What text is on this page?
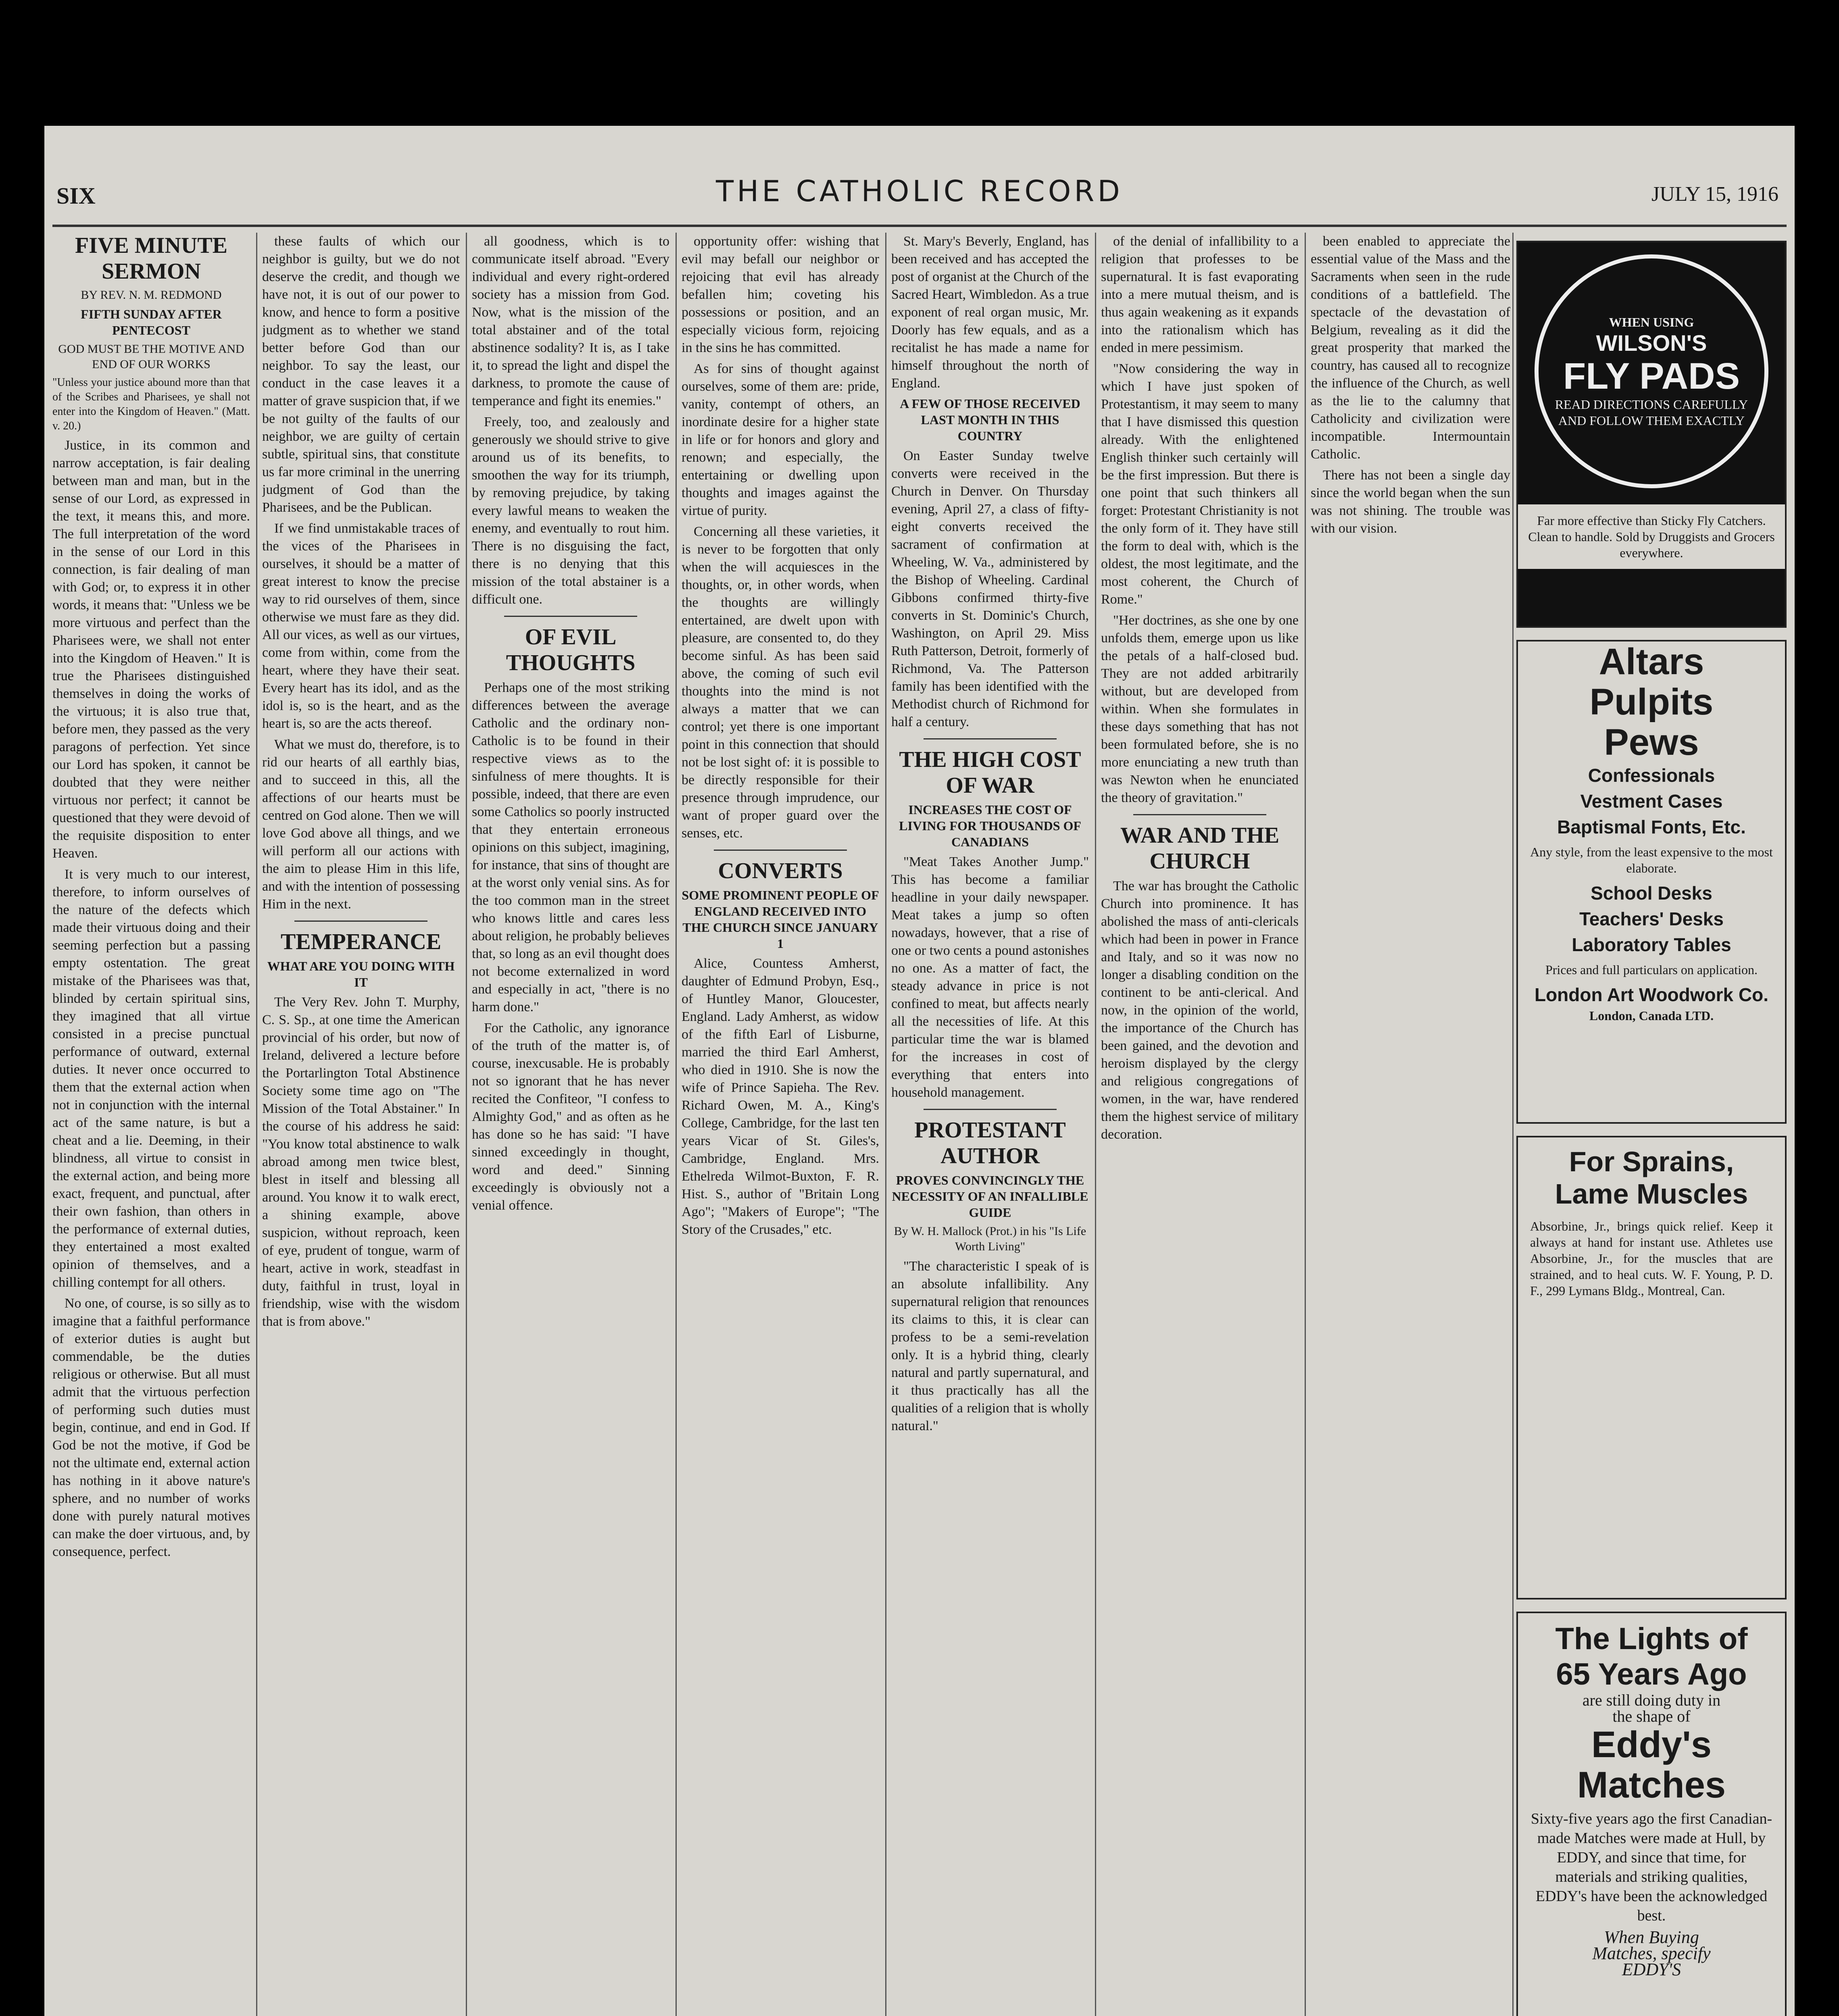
SIX	THE CATHOLIC RECORD	JULY 15, 1916

FIVE MINUTE SERMON

BY REV. N. M. REDMOND

FIFTH SUNDAY AFTER PENTECOST

GOD MUST BE THE MOTIVE AND END OF OUR WORKS

"Unless your justice abound more than that of the Scribes and Pharisees, ye shall not enter into the Kingdom of Heaven." (Matt. v. 20.)

Justice, in its common and narrow acceptation, is fair dealing between man and man, but in the sense of our Lord, as expressed in the text, it means this, and more. The full interpretation of the word in the sense of our Lord in this connection, is fair dealing of man with God; or, to express it in other words, it means that: "Unless we be more virtuous and perfect than the Pharisees were, we shall not enter into the Kingdom of Heaven." It is true the Pharisees distinguished themselves in doing the works of the virtuous; it is also true that, before men, they passed as the very paragons of perfection. Yet since our Lord has spoken, it cannot be doubted that they were neither virtuous nor perfect; it cannot be questioned that they were devoid of the requisite disposition to enter Heaven.

It is very much to our interest, therefore, to inform ourselves of the nature of the defects which made their virtuous doing and their seeming perfection but a passing empty ostentation. The great mistake of the Pharisees was that, blinded by certain spiritual sins, they imagined that all virtue consisted in a precise punctual performance of outward, external duties. It never once occurred to them that the external action when not in conjunction with the internal act of the same nature, is but a cheat and a lie. Deeming, in their blindness, all virtue to consist in the external action, and being more exact, frequent, and punctual, after their own fashion, than others in the performance of external duties, they entertained a most exalted opinion of themselves, and a chilling contempt for all others.

No one, of course, is so silly as to imagine that a faithful performance of exterior duties is aught but commendable, be the duties religious or otherwise. But all must admit that the virtuous perfection of performing such duties must begin, continue, and end in God. If God be not the motive, if God be not the ultimate end, external action has nothing in it above nature's sphere, and no number of works done with purely natural motives can make the doer virtuous, and, by consequence, perfect.

these faults of which our neighbor is guilty, but we do not deserve the credit, and though we have not, it is out of our power to know, and hence to form a positive judgment as to whether we stand better before God than our neighbor. To say the least, our conduct in the case leaves it a matter of grave suspicion that, if we be not guilty of the faults of our neighbor, we are guilty of certain subtle, spiritual sins, that constitute us far more criminal in the unerring judgment of God than the Pharisees, and be the Publican.

If we find unmistakable traces of the vices of the Pharisees in ourselves, it should be a matter of great interest to know the precise way to rid ourselves of them, since otherwise we must fare as they did. All our vices, as well as our virtues, come from within, come from the heart, where they have their seat. Every heart has its idol, and as the idol is, so is the heart, and as the heart is, so are the acts thereof.

What we must do, therefore, is to rid our hearts of all earthly bias, and to succeed in this, all the affections of our hearts must be centred on God alone. Then we will love God above all things, and we will perform all our actions with the aim to please Him in this life, and with the intention of possessing Him in the next.

TEMPERANCE

WHAT ARE YOU DOING WITH IT

The Very Rev. John T. Murphy, C. S. Sp., at one time the American provincial of his order, but now of Ireland, delivered a lecture before the Portarlington Total Abstinence Society some time ago on "The Mission of the Total Abstainer." In the course of his address he said: "You know total abstinence to walk abroad among men twice blest, blest in itself and blessing all around. You know it to walk erect, a shining example, above suspicion, without reproach, keen of eye, prudent of tongue, warm of heart, active in work, steadfast in duty, faithful in trust, loyal in friendship, wise with the wisdom that is from above."

all goodness, which is to communicate itself abroad. "Every individual and every right-ordered society has a mission from God. Now, what is the mission of the total abstainer and of the total abstinence sodality? It is, as I take it, to spread the light and dispel the darkness, to promote the cause of temperance and fight its enemies."

Freely, too, and zealously and generously we should strive to give around us of its benefits, to smoothen the way for its triumph, by removing prejudice, by taking every lawful means to weaken the enemy, and eventually to rout him. There is no disguising the fact, there is no denying that this mission of the total abstainer is a difficult one.

OF EVIL THOUGHTS

Perhaps one of the most striking differences between the average Catholic and the ordinary non-Catholic is to be found in their respective views as to the sinfulness of mere thoughts. It is possible, indeed, that there are even some Catholics so poorly instructed that they entertain erroneous opinions on this subject, imagining, for instance, that sins of thought are at the worst only venial sins. As for the too common man in the street who knows little and cares less about religion, he probably believes that, so long as an evil thought does not become externalized in word and especially in act, "there is no harm done."

For the Catholic, any ignorance of the truth of the matter is, of course, inexcusable. He is probably not so ignorant that he has never recited the Confiteor, "I confess to Almighty God," and as often as he has done so he has said: "I have sinned exceedingly in thought, word and deed." Sinning exceedingly is obviously not a venial offence.

opportunity offer: wishing that evil may befall our neighbor or rejoicing that evil has already befallen him; coveting his possessions or position, and an especially vicious form, rejoicing in the sins he has committed.

As for sins of thought against ourselves, some of them are: pride, vanity, contempt of others, an inordinate desire for a higher state in life or for honors and glory and renown; and especially, the entertaining or dwelling upon thoughts and images against the virtue of purity.

Concerning all these varieties, it is never to be forgotten that only when the will acquiesces in the thoughts, or, in other words, when the thoughts are willingly entertained, are dwelt upon with pleasure, are consented to, do they become sinful. As has been said above, the coming of such evil thoughts into the mind is not always a matter that we can control; yet there is one important point in this connection that should not be lost sight of: it is possible to be directly responsible for their presence through imprudence, our want of proper guard over the senses, etc.

CONVERTS

SOME PROMINENT PEOPLE OF ENGLAND RECEIVED INTO THE CHURCH SINCE JANUARY 1

Alice, Countess Amherst, daughter of Edmund Probyn, Esq., of Huntley Manor, Gloucester, England. Lady Amherst, as widow of the fifth Earl of Lisburne, married the third Earl Amherst, who died in 1910. She is now the wife of Prince Sapieha. The Rev. Richard Owen, M. A., King's College, Cambridge, for the last ten years Vicar of St. Giles's, Cambridge, England. Mrs. Ethelreda Wilmot-Buxton, F. R. Hist. S., author of "Britain Long Ago"; "Makers of Europe"; "The Story of the Crusades," etc.

St. Mary's Beverly, England, has been received and has accepted the post of organist at the Church of the Sacred Heart, Wimbledon. As a true exponent of real organ music, Mr. Doorly has few equals, and as a recitalist he has made a name for himself throughout the north of England.

A FEW OF THOSE RECEIVED LAST MONTH IN THIS COUNTRY

On Easter Sunday twelve converts were received in the Church in Denver. On Thursday evening, April 27, a class of fifty-eight converts received the sacrament of confirmation at Wheeling, W. Va., administered by the Bishop of Wheeling. Cardinal Gibbons confirmed thirty-five converts in St. Dominic's Church, Washington, on April 29. Miss Ruth Patterson, Detroit, formerly of Richmond, Va. The Patterson family has been identified with the Methodist church of Richmond for half a century.

THE HIGH COST OF WAR

INCREASES THE COST OF LIVING FOR THOUSANDS OF CANADIANS

"Meat Takes Another Jump." This has become a familiar headline in your daily newspaper. Meat takes a jump so often nowadays, however, that a rise of one or two cents a pound astonishes no one. As a matter of fact, the steady advance in price is not confined to meat, but affects nearly all the necessities of life. At this particular time the war is blamed for the increases in cost of everything that enters into household management.

PROTESTANT AUTHOR

PROVES CONVINCINGLY THE NECESSITY OF AN INFALLIBLE GUIDE

By W. H. Mallock (Prot.) in his "Is Life Worth Living"

"The characteristic I speak of is an absolute infallibility. Any supernatural religion that renounces its claims to this, it is clear can profess to be a semi-revelation only. It is a hybrid thing, clearly natural and partly supernatural, and it thus practically has all the qualities of a religion that is wholly natural."

of the denial of infallibility to a religion that professes to be supernatural. It is fast evaporating into a mere mutual theism, and is thus again weakening as it expands into the rationalism which has ended in mere pessimism.

"Now considering the way in which I have just spoken of Protestantism, it may seem to many that I have dismissed this question already. With the enlightened English thinker such certainly will be the first impression. But there is one point that such thinkers all forget: Protestant Christianity is not the only form of it. They have still the form to deal with, which is the oldest, the most legitimate, and the most coherent, the Church of Rome."

"Her doctrines, as she one by one unfolds them, emerge upon us like the petals of a half-closed bud. They are not added arbitrarily without, but are developed from within. When she formulates in these days something that has not been formulated before, she is no more enunciating a new truth than was Newton when he enunciated the theory of gravitation."

WAR AND THE CHURCH

The war has brought the Catholic Church into prominence. It has abolished the mass of anti-clericals which had been in power in France and Italy, and so it was now no longer a disabling condition on the continent to be anti-clerical. And now, in the opinion of the world, the importance of the Church has been gained, and the devotion and heroism displayed by the clergy and religious congregations of women, in the war, have rendered them the highest service of military decoration.

been enabled to appreciate the essential value of the Mass and the Sacraments when seen in the rude conditions of a battlefield. The spectacle of the devastation of Belgium, revealing as it did the great prosperity that marked the country, has caused all to recognize the influence of the Church, as well as the lie to the calumny that Catholicity and civilization were incompatible. Intermountain Catholic.

There has not been a single day since the world began when the sun was not shining. The trouble was with our vision.

WHEN USING
WILSON'S
FLY PADS
READ DIRECTIONS CAREFULLY AND FOLLOW THEM EXACTLY
Far more effective than Sticky Fly Catchers. Clean to handle. Sold by Druggists and Grocers everywhere.
Altars
Pulpits
Pews
Confessionals
Vestment Cases
Baptismal Fonts, Etc.
Any style, from the least expensive to the most elaborate.
School Desks
Teachers' Desks
Laboratory Tables
Prices and full particulars on application.
London Art Woodwork Co.
London, Canada LTD.
For Sprains,
Lame Muscles
Absorbine, Jr., brings quick relief. Keep it always at hand for instant use. Athletes use Absorbine, Jr., for the muscles that are strained, and to heal cuts. W. F. Young, P. D. F., 299 Lymans Bldg., Montreal, Can.
The Lights of
65 Years Ago
are still doing duty in
the shape of
Eddy's
Matches
Sixty-five years ago the first Canadian-made Matches were made at Hull, by EDDY, and since that time, for materials and striking qualities, EDDY's have been the acknowledged best.
When Buying
Matches, specify
EDDY'S
